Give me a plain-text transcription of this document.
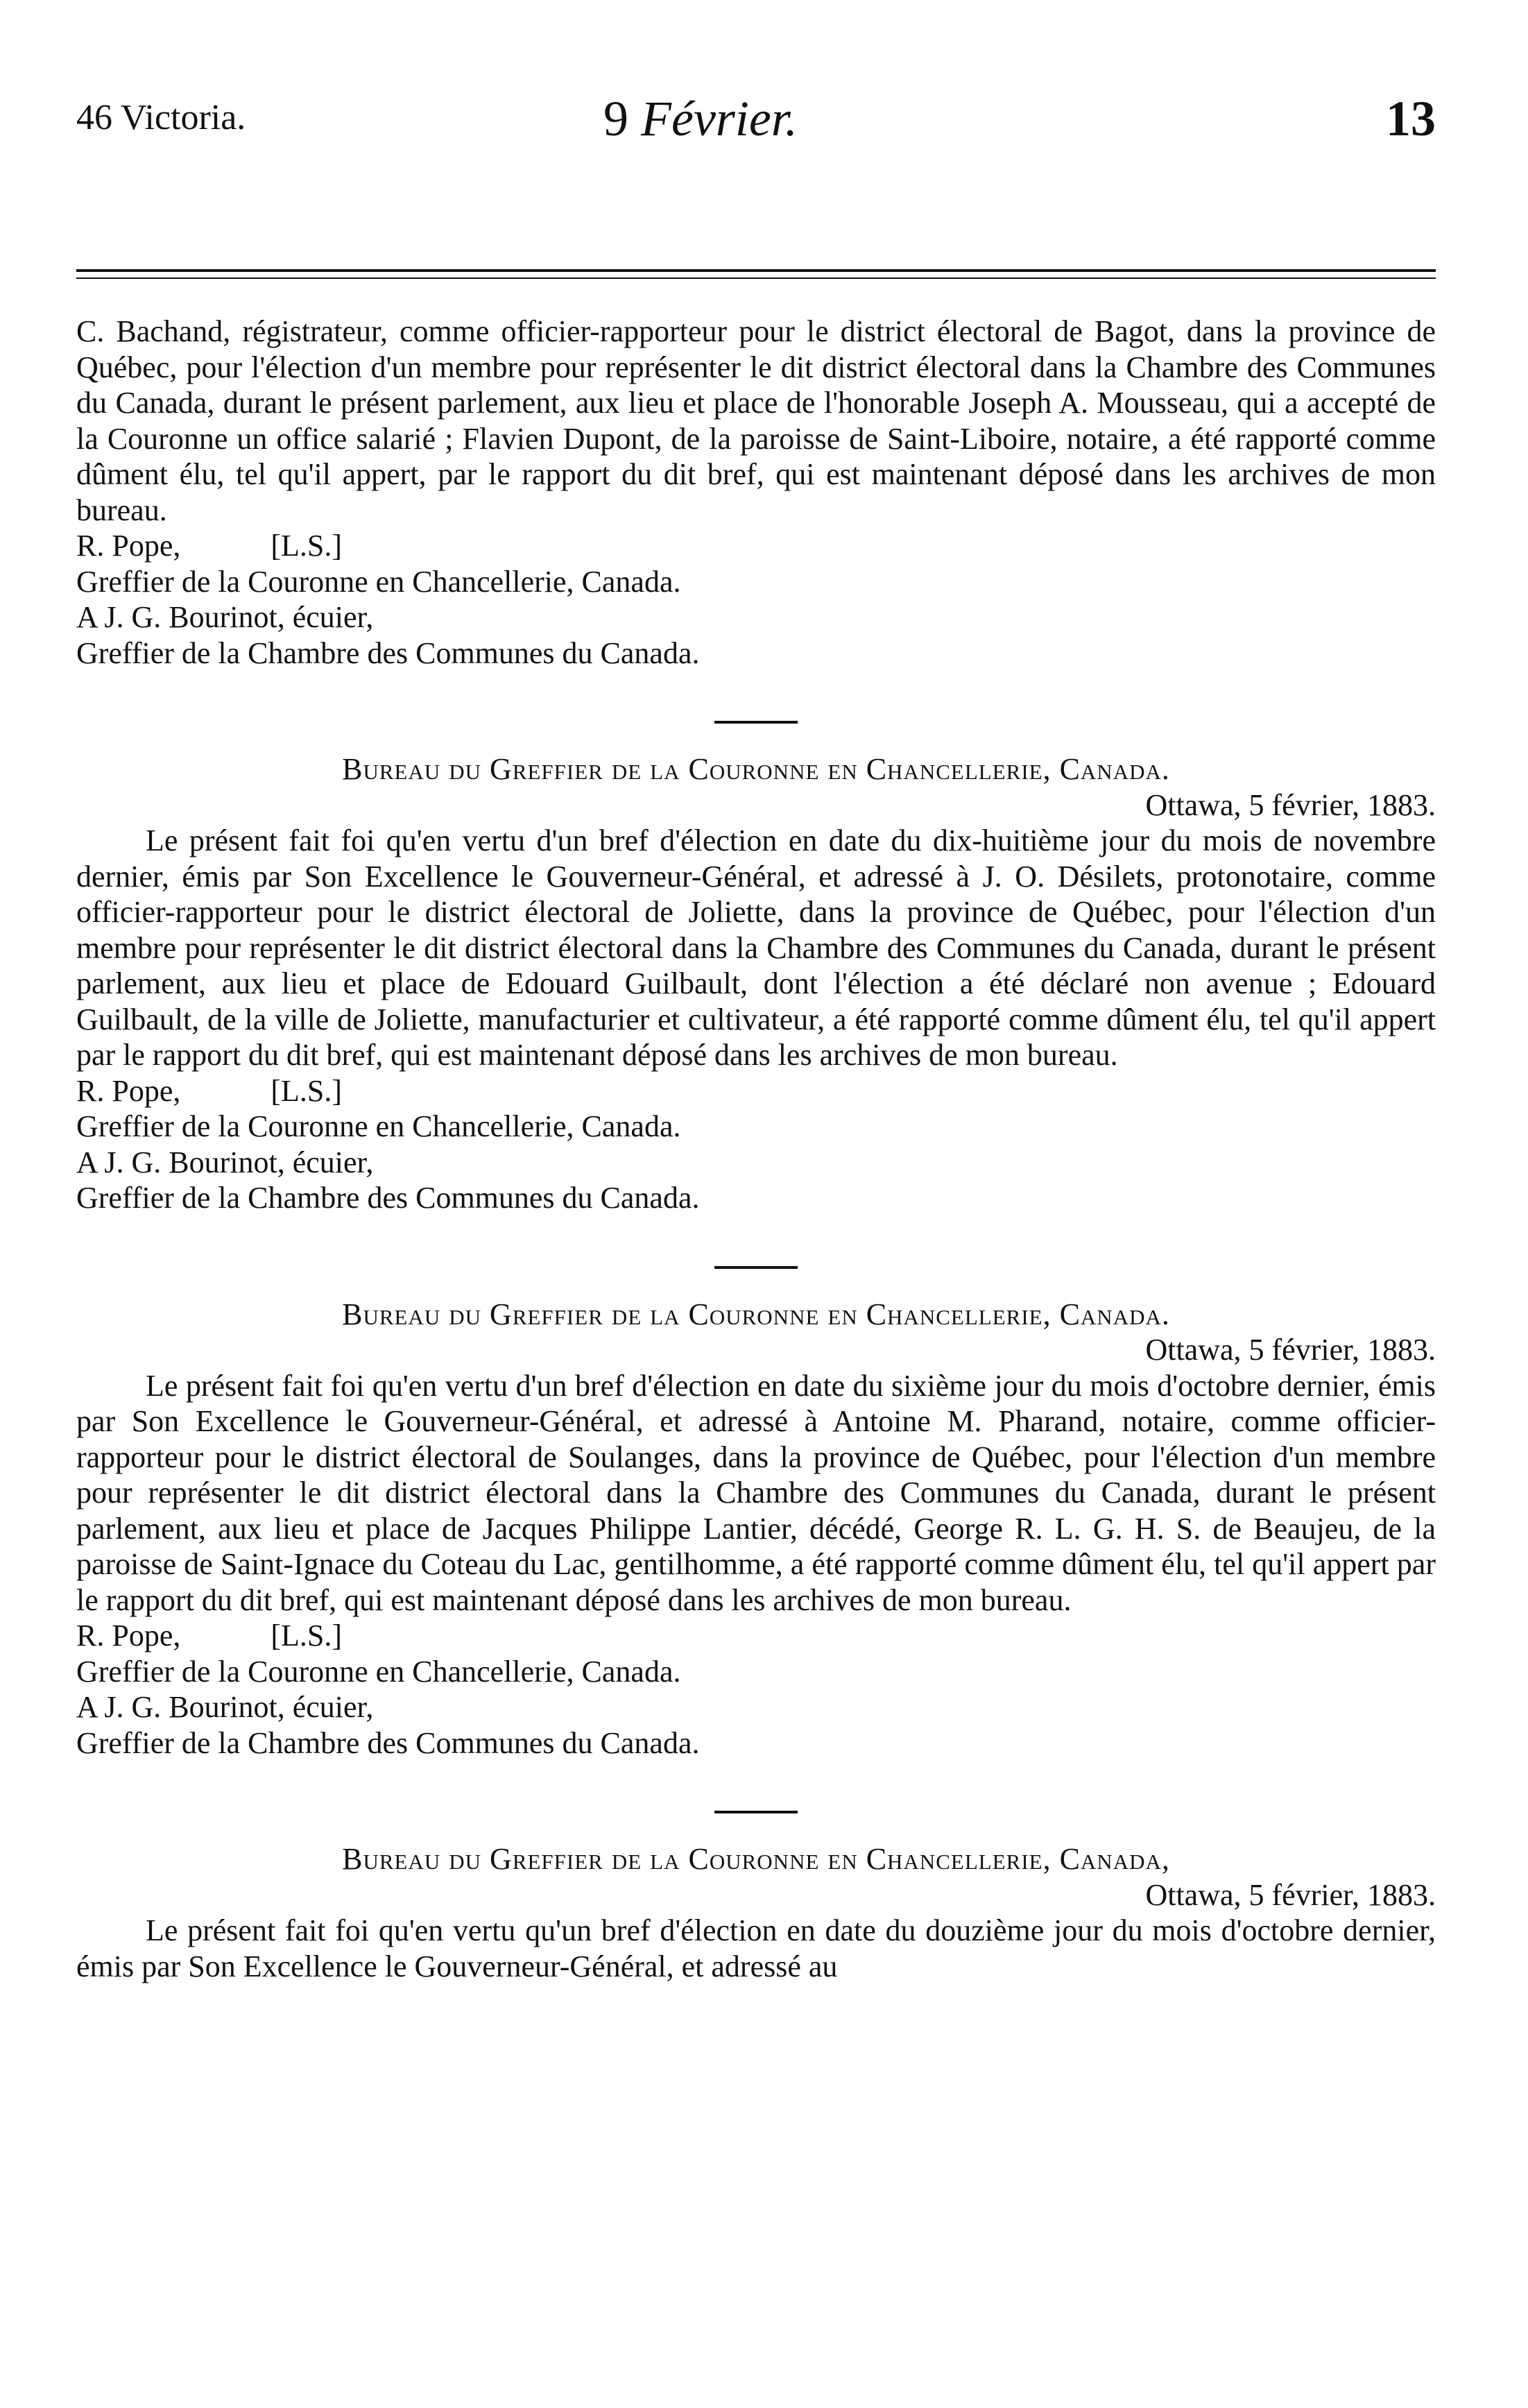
46 Victoria.	9 Février.	13

C. Bachand, régistrateur, comme officier-rapporteur pour le district électoral de Bagot, dans la province de Québec, pour l'élection d'un membre pour représenter le dit district électoral dans la Chambre des Communes du Canada, durant le présent parlement, aux lieu et place de l'honorable Joseph A. Mousseau, qui a accepté de la Couronne un office salarié ; Flavien Dupont, de la paroisse de Saint-Liboire, notaire, a été rapporté comme dûment élu, tel qu'il appert, par le rapport du dit bref, qui est maintenant déposé dans les archives de mon bureau.

R. Pope,	[L.S.]

Greffier de la Couronne en Chancellerie, Canada.

A J. G. Bourinot, écuier,

Greffier de la Chambre des Communes du Canada.

Bureau du Greffier de la Couronne en Chancellerie, Canada.

Ottawa, 5 février, 1883.

Le présent fait foi qu'en vertu d'un bref d'élection en date du dix-huitième jour du mois de novembre dernier, émis par Son Excellence le Gouverneur-Général, et adressé à J. O. Désilets, protonotaire, comme officier-rapporteur pour le district électoral de Joliette, dans la province de Québec, pour l'élection d'un membre pour représenter le dit district électoral dans la Chambre des Communes du Canada, durant le présent parlement, aux lieu et place de Edouard Guilbault, dont l'élection a été déclaré non avenue ; Edouard Guilbault, de la ville de Joliette, manufacturier et cultivateur, a été rapporté comme dûment élu, tel qu'il appert par le rapport du dit bref, qui est maintenant déposé dans les archives de mon bureau.

R. Pope,	[L.S.]

Greffier de la Couronne en Chancellerie, Canada.

A J. G. Bourinot, écuier,

Greffier de la Chambre des Communes du Canada.

Bureau du Greffier de la Couronne en Chancellerie, Canada.

Ottawa, 5 février, 1883.

Le présent fait foi qu'en vertu d'un bref d'élection en date du sixième jour du mois d'octobre dernier, émis par Son Excellence le Gouverneur-Général, et adressé à Antoine M. Pharand, notaire, comme officier-rapporteur pour le district électoral de Soulanges, dans la province de Québec, pour l'élection d'un membre pour représenter le dit district électoral dans la Chambre des Communes du Canada, durant le présent parlement, aux lieu et place de Jacques Philippe Lantier, décédé, George R. L. G. H. S. de Beaujeu, de la paroisse de Saint-Ignace du Coteau du Lac, gentilhomme, a été rapporté comme dûment élu, tel qu'il appert par le rapport du dit bref, qui est maintenant déposé dans les archives de mon bureau.

R. Pope,	[L.S.]

Greffier de la Couronne en Chancellerie, Canada.

A J. G. Bourinot, écuier,

Greffier de la Chambre des Communes du Canada.

Bureau du Greffier de la Couronne en Chancellerie, Canada,

Ottawa, 5 février, 1883.

Le présent fait foi qu'en vertu qu'un bref d'élection en date du douzième jour du mois d'octobre dernier, émis par Son Excellence le Gouverneur-Général, et adressé au
